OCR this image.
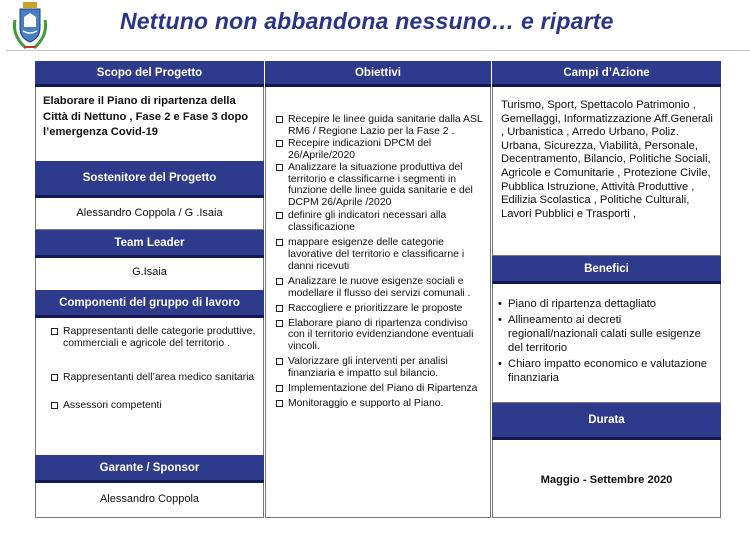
Nettuno non abbandona nessuno… e riparte
Scopo del Progetto
Elaborare il Piano di ripartenza della Città di Nettuno , Fase 2 e Fase 3 dopo l’emergenza Covid-19
Sostenitore del Progetto
Alessandro Coppola / G .Isaia
Team Leader
G.Isaia
Componenti del gruppo di lavoro
Rappresentanti delle categorie produttive, commerciali e agricole del territorio .
Rappresentanti dell’area medico sanitaria
Assessori competenti
Garante / Sponsor
Alessandro Coppola
Obiettivi
Recepire le linee guida sanitarie dalla ASL RM6 / Regione Lazio per la Fase 2 .
Recepire indicazioni DPCM del 26/Aprile/2020
Analizzare la situazione produttiva del territorio e classificarne i segmenti in funzione delle linee guida sanitarie e del DCPM 26/Aprile /2020
definire gli indicatori necessari alla classificazione
mappare esigenze delle categorie lavorative del territorio e classificarne i danni ricevuti
Analizzare le nuove esigenze sociali e modellare il flusso dei servizi comunali .
Raccogliere e prioritizzare le proposte
Elaborare piano di ripartenza condiviso con il territorio evidenziandone eventuali vincoli.
Valorizzare gli interventi per analisi finanziaria e impatto sul bilancio.
Implementazione del Piano di Ripartenza
Monitoraggio e supporto al Piano.
Campi d’Azione
Turismo, Sport, Spettacolo Patrimonio , Gemellaggi, Informatizzazione Aff.Generali , Urbanistica , Arredo Urbano, Poliz. Urbana, Sicurezza, Viabilità, Personale, Decentramento, Bilancio, Politiche Sociali, Agricole e Comunitarie , Protezione Civile, Pubblica Istruzione, Attività Produttive , Edilizia Scolastica , Politiche Culturali, Lavori Pubblici e Trasporti ,
Benefici
• Piano di ripartenza dettagliato
• Allineamento ai decreti regionali/nazionali calati sulle esigenze del territorio
• Chiaro impatto economico e valutazione finanziaria
Durata
Maggio - Settembre 2020
